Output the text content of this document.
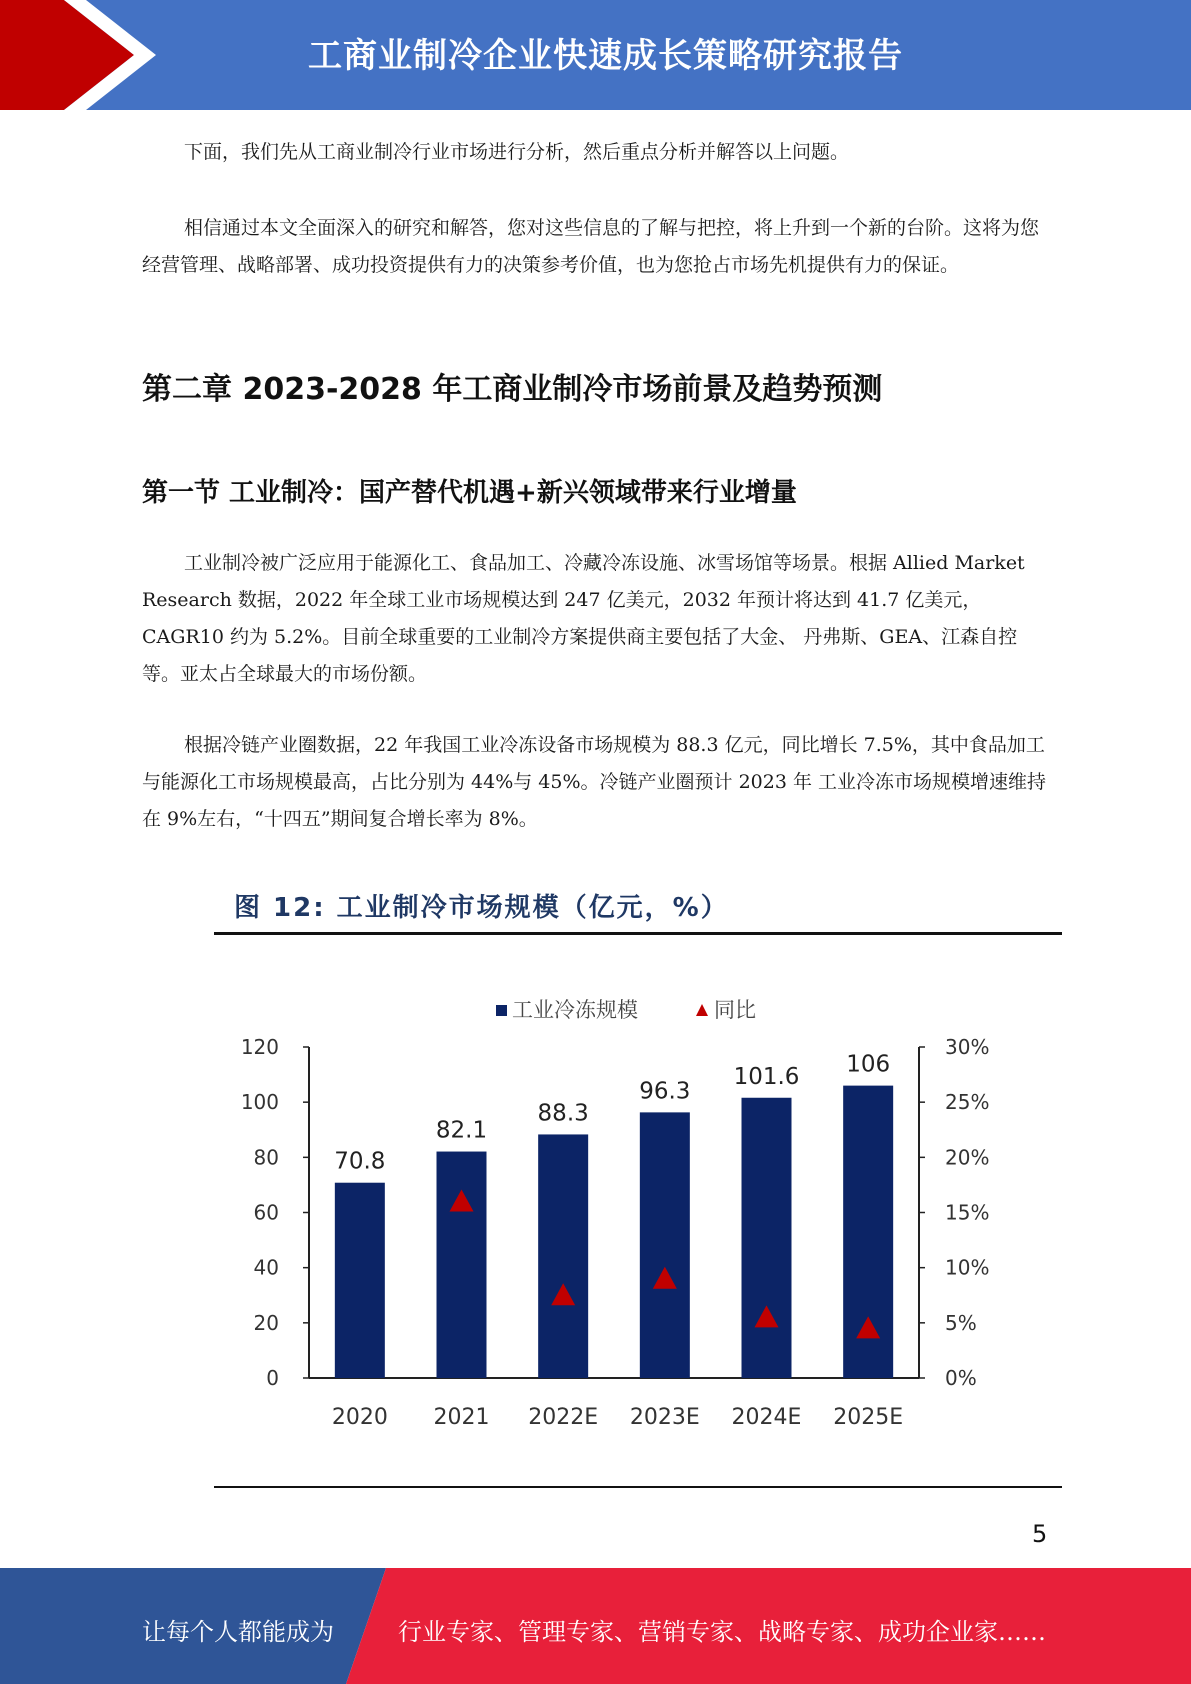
工商业制冷企业快速成长策略研究报告

下面，我们先从工商业制冷行业市场进行分析，然后重点分析并解答以上问题。

相信通过本文全面深入的研究和解答，您对这些信息的了解与把控，将上升到一个新的台阶。这将为您经营管理、战略部署、成功投资提供有力的决策参考价值，也为您抢占市场先机提供有力的保证。

第二章 2023-2028 年工商业制冷市场前景及趋势预测
第一节 工业制冷：国产替代机遇+新兴领域带来行业增量

工业制冷被广泛应用于能源化工、食品加工、冷藏冷冻设施、冰雪场馆等场景。根据 Allied Market Research 数据，2022 年全球工业市场规模达到 247 亿美元，2032 年预计将达到 41.7 亿美元，CAGR10 约为 5.2%。目前全球重要的工业制冷方案提供商主要包括了大金、 丹弗斯、GEA、江森自控等。亚太占全球最大的市场份额。

根据冷链产业圈数据，22 年我国工业冷冻设备市场规模为 88.3 亿元，同比增长 7.5%，其中食品加工与能源化工市场规模最高，占比分别为 44%与 45%。冷链产业圈预计 2023 年 工业冷冻市场规模增速维持在 9%左右，“十四五”期间复合增长率为 8%。

图 12: 工业制冷市场规模（亿元，%）
0
20
40
60
80
100
120
0%
5%
10%
15%
20%
25%
30%
70.8
2020
82.1
2021
88.3
2022E
96.3
2023E
101.6
2024E
106
2025E
工业冷冻规模	同比
5
让每个人都能成为	行业专家、管理专家、营销专家、战略专家、成功企业家……
